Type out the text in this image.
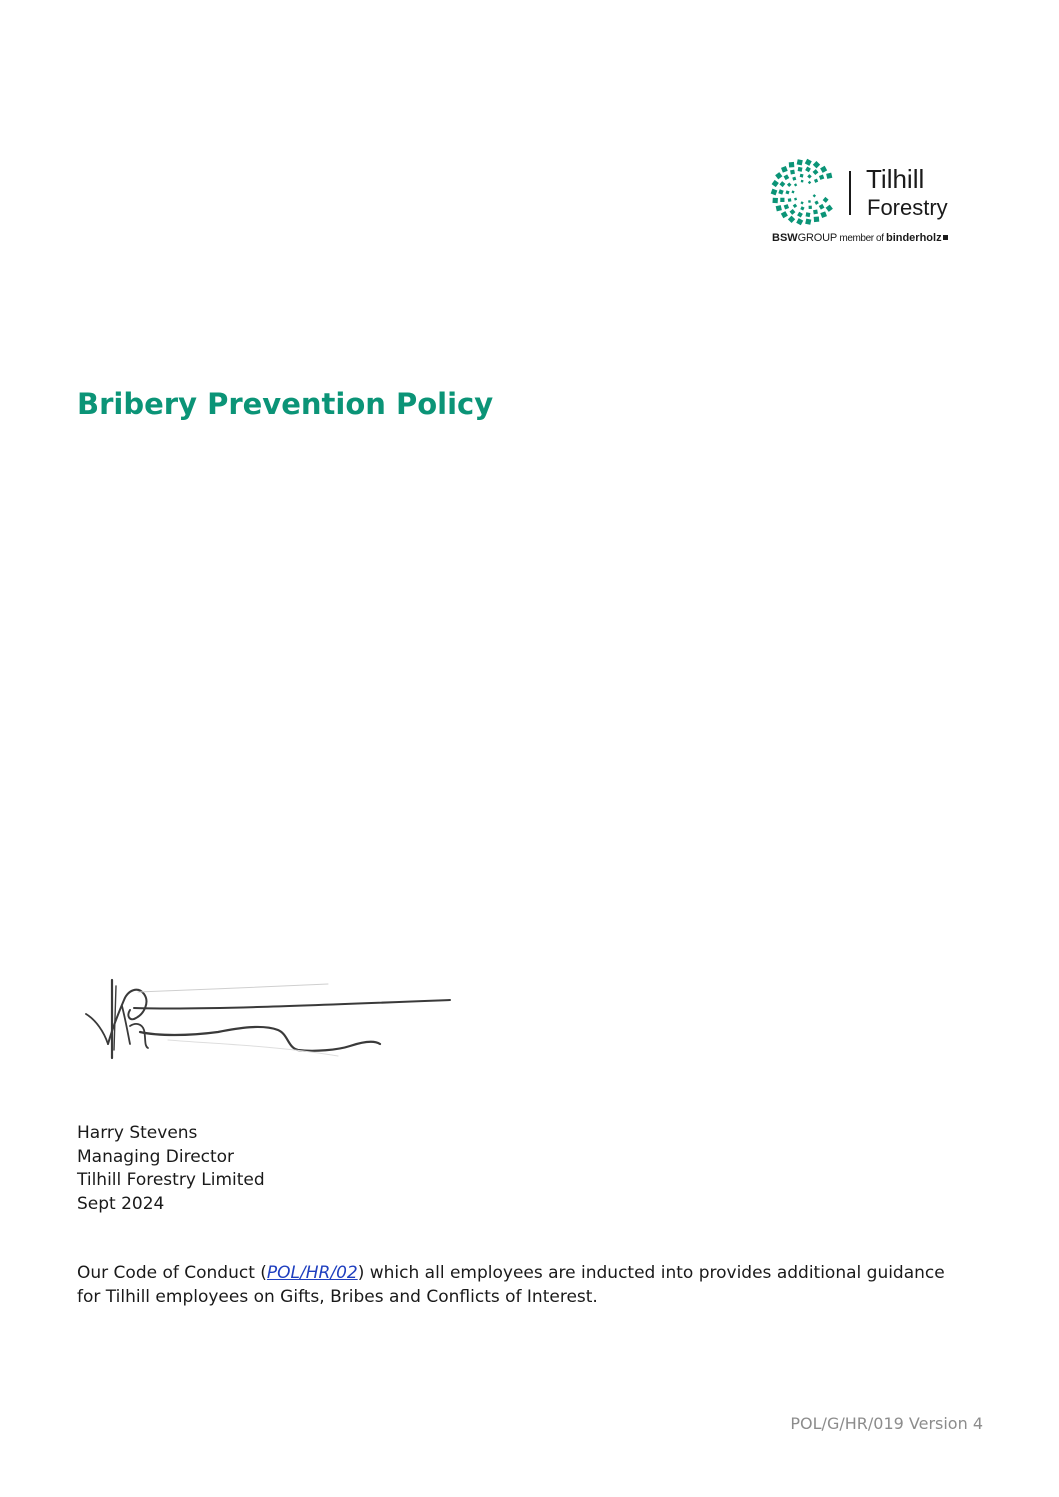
Tilhill
Forestry
BSWGROUP member of binderholz
Bribery Prevention Policy
Harry Stevens
Managing Director
Tilhill Forestry Limited
Sept 2024

Our Code of Conduct (POL/HR/02) which all employees are inducted into provides additional guidance for Tilhill employees on Gifts, Bribes and Conflicts of Interest.

POL/G/HR/019 Version 4
